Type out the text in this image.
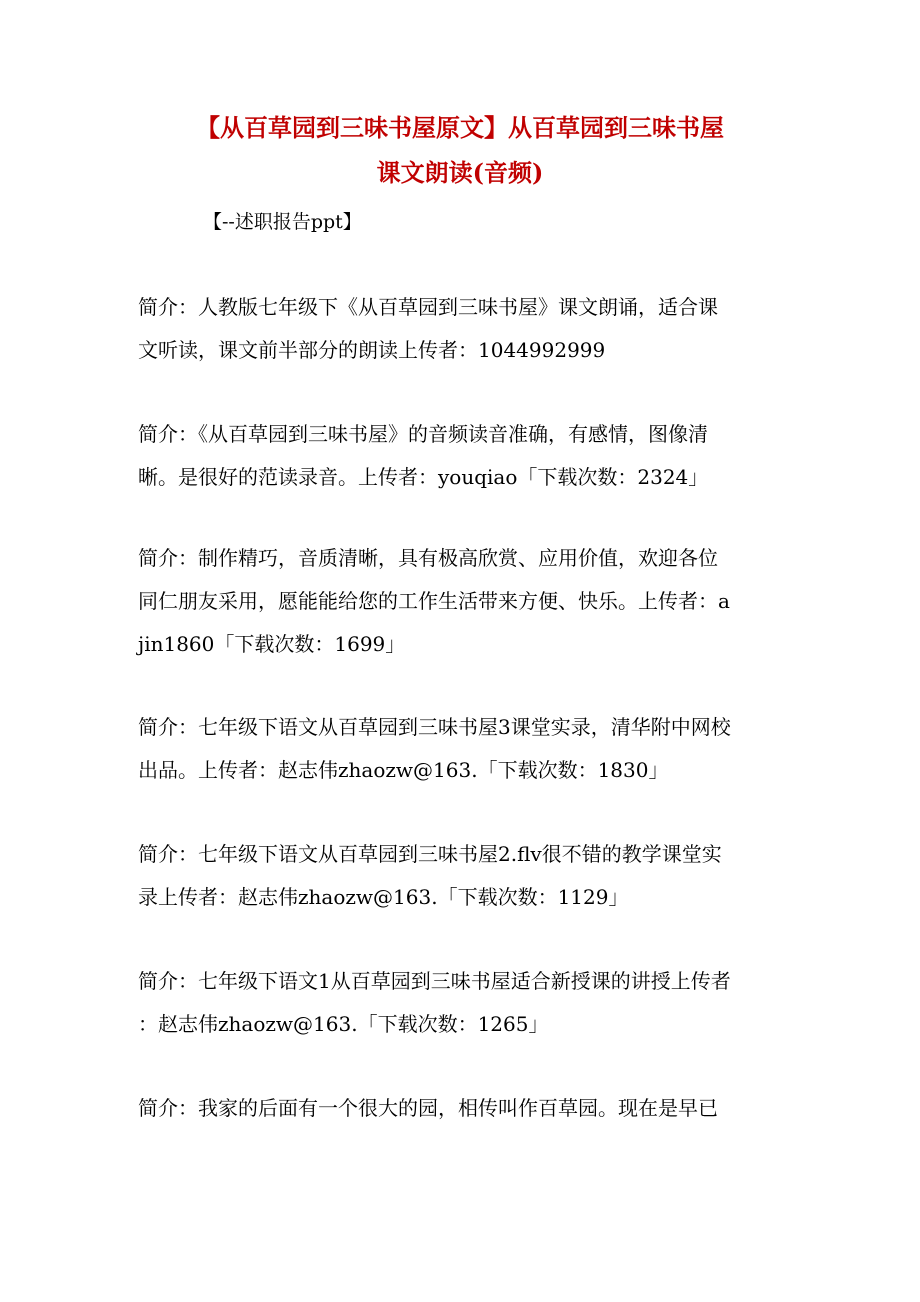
【从百草园到三味书屋原文】从百草园到三味书屋
课文朗读(音频)
【--述职报告ppt】
简介：人教版七年级下《从百草园到三味书屋》课文朗诵，适合课
文听读，课文前半部分的朗读上传者：1044992999
简介：《从百草园到三味书屋》的音频读音准确，有感情，图像清
晰。是很好的范读录音。上传者：youqiao「下载次数：2324」
简介：制作精巧，音质清晰，具有极高欣赏、应用价值，欢迎各位
同仁朋友采用，愿能能给您的工作生活带来方便、快乐。上传者：a
jin1860「下载次数：1699」
简介：七年级下语文从百草园到三味书屋3课堂实录，清华附中网校
出品。上传者：赵志伟zhaozw@163.「下载次数：1830」
简介：七年级下语文从百草园到三味书屋2.flv很不错的教学课堂实
录上传者：赵志伟zhaozw@163.「下载次数：1129」
简介：七年级下语文1从百草园到三味书屋适合新授课的讲授上传者
：赵志伟zhaozw@163.「下载次数：1265」
简介：我家的后面有一个很大的园，相传叫作百草园。现在是早已
